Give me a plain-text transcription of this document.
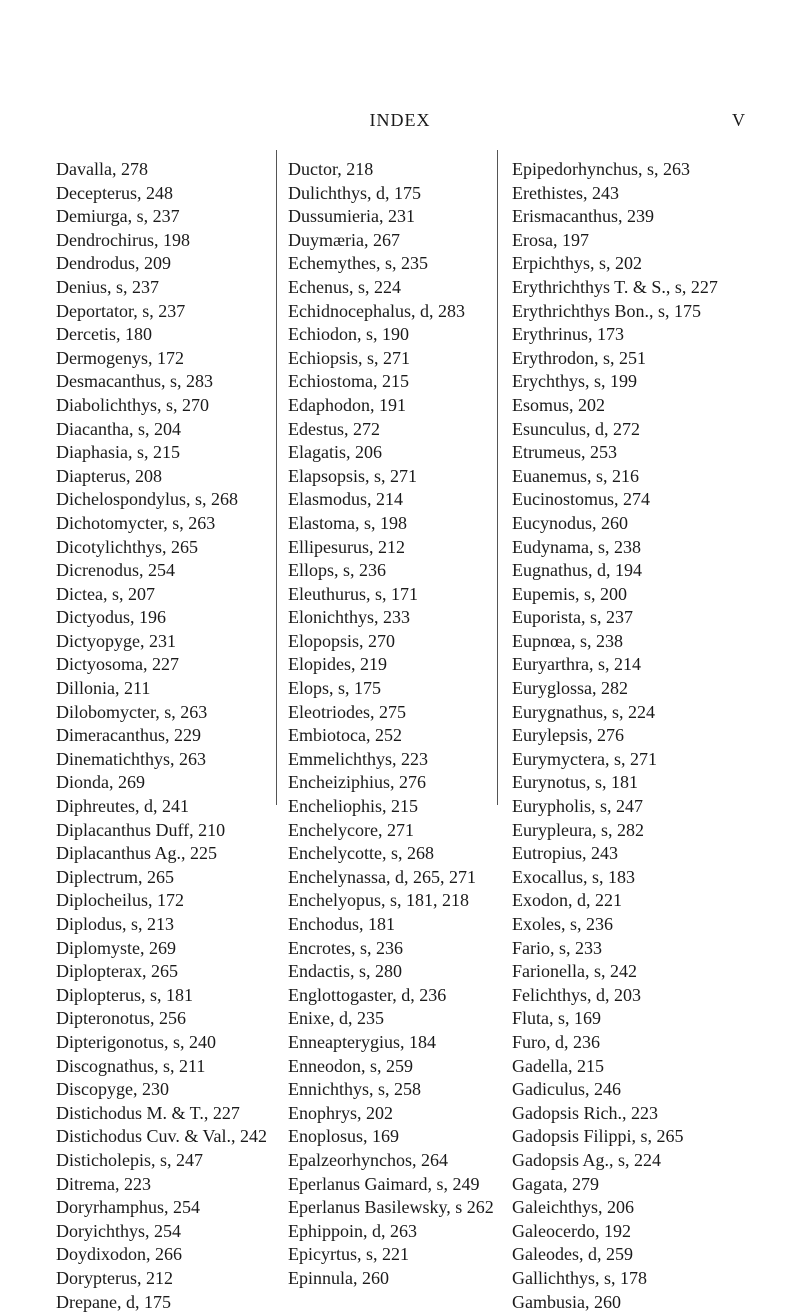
INDEX	V
Davalla, 278
Decepterus, 248
Demiurga, s, 237
Dendrochirus, 198
Dendrodus, 209
Denius, s, 237
Deportator, s, 237
Dercetis, 180
Dermogenys, 172
Desmacanthus, s, 283
Diabolichthys, s, 270
Diacantha, s, 204
Diaphasia, s, 215
Diapterus, 208
Dichelospondylus, s, 268
Dichotomycter, s, 263
Dicotylichthys, 265
Dicrenodus, 254
Dictea, s, 207
Dictyodus, 196
Dictyopyge, 231
Dictyosoma, 227
Dillonia, 211
Dilobomycter, s, 263
Dimeracanthus, 229
Dinematichthys, 263
Dionda, 269
Diphreutes, d, 241
Diplacanthus Duff, 210
Diplacanthus Ag., 225
Diplectrum, 265
Diplocheilus, 172
Diplodus, s, 213
Diplomyste, 269
Diplopterax, 265
Diplopterus, s, 181
Dipteronotus, 256
Dipterigonotus, s, 240
Discognathus, s, 211
Discopyge, 230
Distichodus M. & T., 227
Distichodus Cuv. & Val., 242
Disticholepis, s, 247
Ditrema, 223
Doryrhamphus, 254
Doryichthys, 254
Doydixodon, 266
Dorypterus, 212
Drepane, d, 175
Ductor, 218
Dulichthys, d, 175
Dussumieria, 231
Duymæria, 267
Echemythes, s, 235
Echenus, s, 224
Echidnocephalus, d, 283
Echiodon, s, 190
Echiopsis, s, 271
Echiostoma, 215
Edaphodon, 191
Edestus, 272
Elagatis, 206
Elapsopsis, s, 271
Elasmodus, 214
Elastoma, s, 198
Ellipesurus, 212
Ellops, s, 236
Eleuthurus, s, 171
Elonichthys, 233
Elopopsis, 270
Elopides, 219
Elops, s, 175
Eleotriodes, 275
Embiotoca, 252
Emmelichthys, 223
Encheiziphius, 276
Encheliophis, 215
Enchelycore, 271
Enchelycotte, s, 268
Enchelynassa, d, 265, 271
Enchelyopus, s, 181, 218
Enchodus, 181
Encrotes, s, 236
Endactis, s, 280
Englottogaster, d, 236
Enixe, d, 235
Enneapterygius, 184
Enneodon, s, 259
Ennichthys, s, 258
Enophrys, 202
Enoplosus, 169
Epalzeorhynchos, 264
Eperlanus Gaimard, s, 249
Eperlanus Basilewsky, s 262
Ephippoin, d, 263
Epicyrtus, s, 221
Epinnula, 260
Epipedorhynchus, s, 263
Erethistes, 243
Erismacanthus, 239
Erosa, 197
Erpichthys, s, 202
Erythrichthys T. & S., s, 227
Erythrichthys Bon., s, 175
Erythrinus, 173
Erythrodon, s, 251
Erychthys, s, 199
Esomus, 202
Esunculus, d, 272
Etrumeus, 253
Euanemus, s, 216
Eucinostomus, 274
Eucynodus, 260
Eudynama, s, 238
Eugnathus, d, 194
Eupemis, s, 200
Euporista, s, 237
Eupnœa, s, 238
Euryarthra, s, 214
Euryglossa, 282
Eurygnathus, s, 224
Eurylepsis, 276
Eurymyctera, s, 271
Eurynotus, s, 181
Eurypholis, s, 247
Eurypleura, s, 282
Eutropius, 243
Exocallus, s, 183
Exodon, d, 221
Exoles, s, 236
Fario, s, 233
Farionella, s, 242
Felichthys, d, 203
Fluta, s, 169
Furo, d, 236
Gadella, 215
Gadiculus, 246
Gadopsis Rich., 223
Gadopsis Filippi, s, 265
Gadopsis Ag., s, 224
Gagata, 279
Galeichthys, 206
Galeocerdo, 192
Galeodes, d, 259
Gallichthys, s, 178
Gambusia, 260
